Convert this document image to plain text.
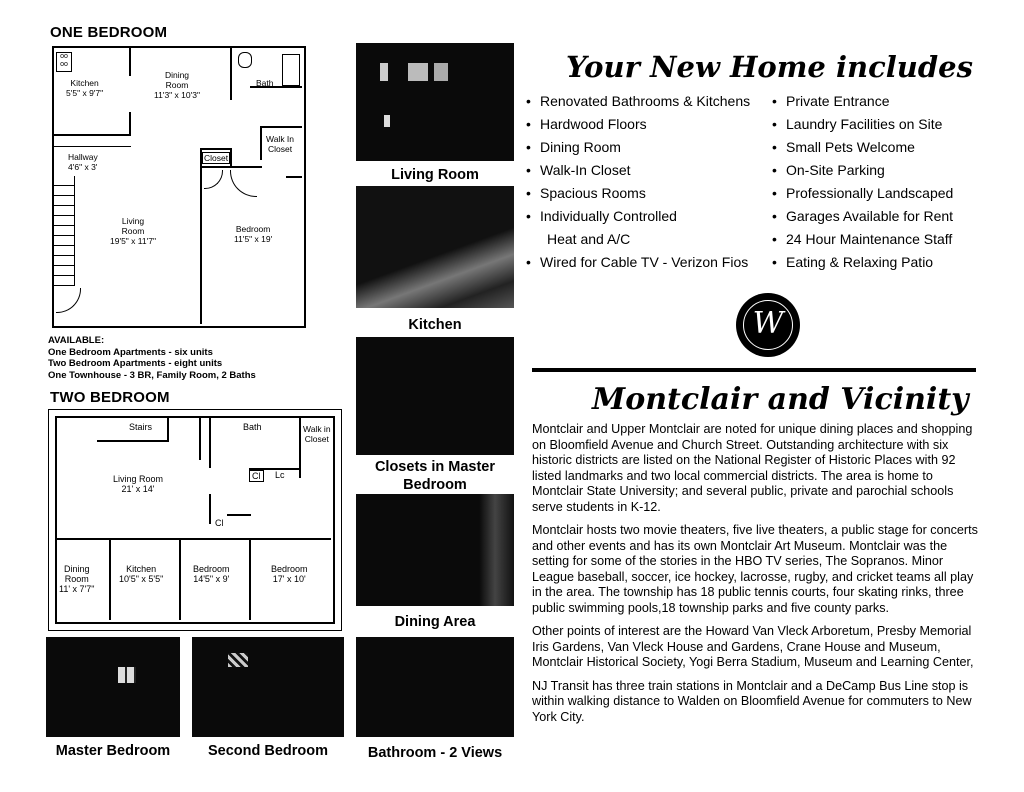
ONE BEDROOM
oo
oo
Kitchen
5'5" x 9'7"
Dining
Room
11'3" x 10'3"
Bath
Walk In
Closet
Closet
Hallway
4'6" x 3'
Living
Room
19'5" x 11'7"
Bedroom
11'5" x 19'
AVAILABLE:
One Bedroom Apartments - six units
Two Bedroom Apartments - eight units
One Townhouse - 3 BR, Family Room, 2 Baths
TWO BEDROOM
Stairs	Bath	Walk in
Closet
Living Room
21' x 14'
Cl	Lc
Cl
Dining
Room
11' x 7'7"
Kitchen
10'5" x 5'5"
Bedroom
14'5" x 9'
Bedroom
17' x 10'
Living Room
Kitchen
Closets in Master Bedroom
Dining Area
Bathroom - 2 Views
Master Bedroom	Second Bedroom
Your New Home includes
• Renovated Bathrooms & Kitchens
• Hardwood Floors
• Dining Room
• Walk-In Closet
• Spacious Rooms
• Individually Controlled
Heat and A/C
• Wired for Cable TV - Verizon Fios
• Private Entrance
• Laundry Facilities on Site
• Small Pets Welcome
• On-Site Parking
• Professionally Landscaped
• Garages Available for Rent
• 24 Hour Maintenance Staff
• Eating & Relaxing Patio
W
Montclair and Vicinity

Montclair and Upper Montclair are noted for unique dining places and shopping on Bloomfield Avenue and Church Street. Outstanding architecture with six historic districts are listed on the National Register of Historic Places with 92 listed landmarks and two local commercial districts. The area is home to Montclair State University; and several public, private and parochial schools serve students in K-12.

Montclair hosts two movie theaters, five live theaters, a public stage for concerts and other events and has its own Montclair Art Museum. Montclair was the setting for some of the stories in the HBO TV series, The Sopranos. Minor League baseball, soccer, ice hockey, lacrosse, rugby, and cricket teams all play in the area. The township has 18 public tennis courts, four skating rinks, three public swimming pools,18 township parks and five county parks.

Other points of interest are the Howard Van Vleck Arboretum, Presby Memorial Iris Gardens, Van Vleck House and Gardens, Crane House and Museum, Montclair Historical Society, Yogi Berra Stadium, Museum and Learning Center,

NJ Transit has three train stations in Montclair and a DeCamp Bus Line stop is within walking distance to Walden on Bloomfield Avenue for commuters to New York City.
